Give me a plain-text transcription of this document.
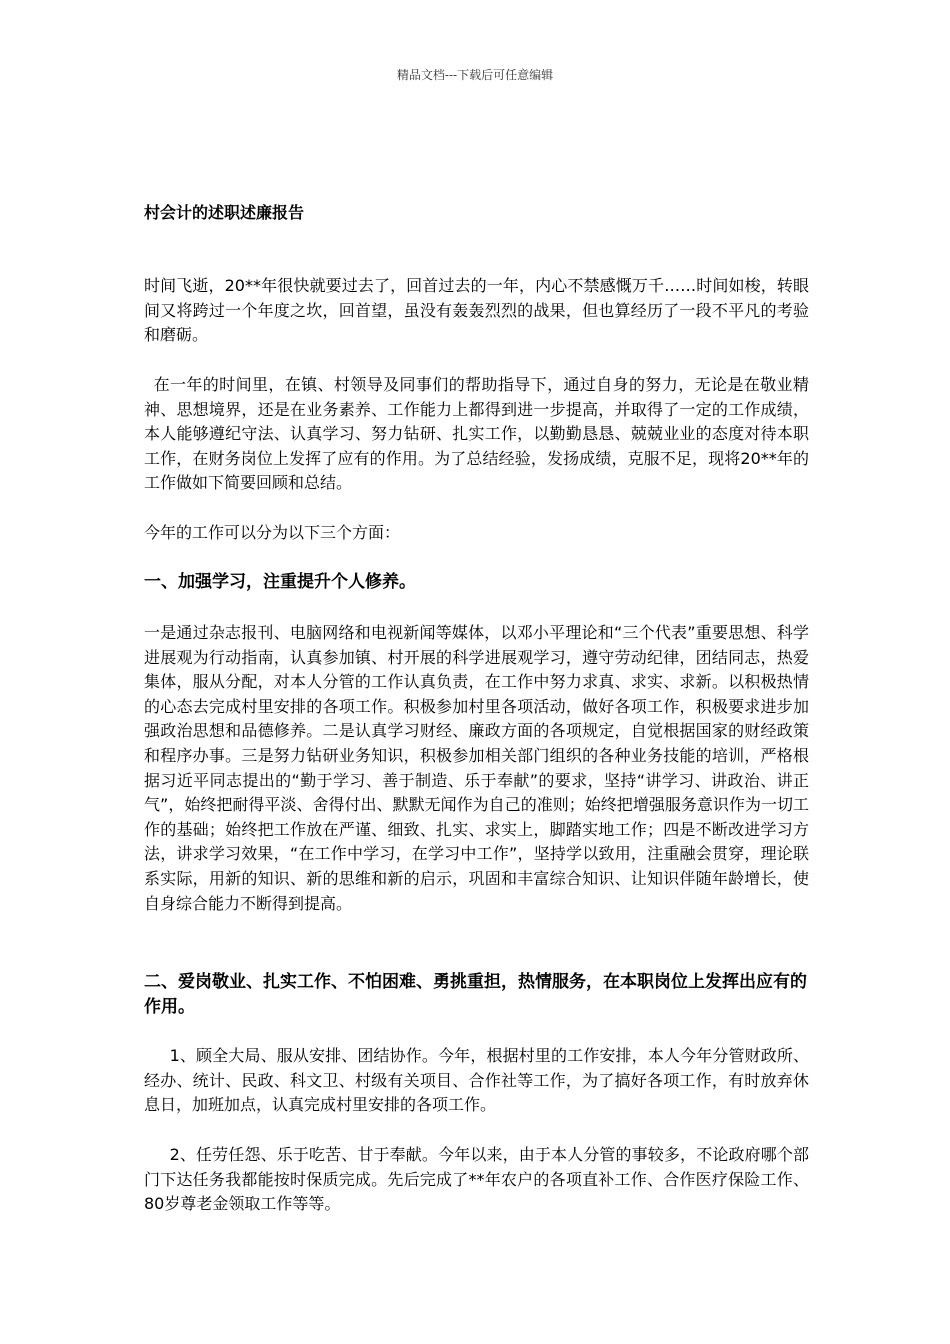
精品文档---下载后可任意编辑
村会计的述职述廉报告
时间飞逝，20**年很快就要过去了，回首过去的一年，内心不禁感慨万千……时间如梭，转眼间又将跨过一个年度之坎，回首望，虽没有轰轰烈烈的战果，但也算经历了一段不平凡的考验和磨砺。
在一年的时间里，在镇、村领导及同事们的帮助指导下，通过自身的努力，无论是在敬业精神、思想境界，还是在业务素养、工作能力上都得到进一步提高，并取得了一定的工作成绩，本人能够遵纪守法、认真学习、努力钻研、扎实工作，以勤勤恳恳、兢兢业业的态度对待本职工作，在财务岗位上发挥了应有的作用。为了总结经验，发扬成绩，克服不足，现将20**年的工作做如下简要回顾和总结。
今年的工作可以分为以下三个方面：
一、加强学习，注重提升个人修养。
一是通过杂志报刊、电脑网络和电视新闻等媒体，以邓小平理论和“三个代表”重要思想、科学进展观为行动指南，认真参加镇、村开展的科学进展观学习，遵守劳动纪律，团结同志，热爱集体，服从分配，对本人分管的工作认真负责，在工作中努力求真、求实、求新。以积极热情的心态去完成村里安排的各项工作。积极参加村里各项活动，做好各项工作，积极要求进步加强政治思想和品德修养。二是认真学习财经、廉政方面的各项规定，自觉根据国家的财经政策和程序办事。三是努力钻研业务知识，积极参加相关部门组织的各种业务技能的培训，严格根据习近平同志提出的“勤于学习、善于制造、乐于奉献”的要求，坚持“讲学习、讲政治、讲正气”，始终把耐得平淡、舍得付出、默默无闻作为自己的准则；始终把增强服务意识作为一切工作的基础；始终把工作放在严谨、细致、扎实、求实上，脚踏实地工作；四是不断改进学习方法，讲求学习效果，“在工作中学习，在学习中工作”，坚持学以致用，注重融会贯穿，理论联系实际，用新的知识、新的思维和新的启示，巩固和丰富综合知识、让知识伴随年龄增长，使自身综合能力不断得到提高。
二、爱岗敬业、扎实工作、不怕困难、勇挑重担，热情服务，在本职岗位上发挥出应有的作用。
1、顾全大局、服从安排、团结协作。今年，根据村里的工作安排，本人今年分管财政所、经办、统计、民政、科文卫、村级有关项目、合作社等工作，为了搞好各项工作，有时放弃休息日，加班加点，认真完成村里安排的各项工作。
2、任劳任怨、乐于吃苦、甘于奉献。今年以来，由于本人分管的事较多，不论政府哪个部门下达任务我都能按时保质完成。先后完成了**年农户的各项直补工作、合作医疗保险工作、80岁尊老金领取工作等等。
